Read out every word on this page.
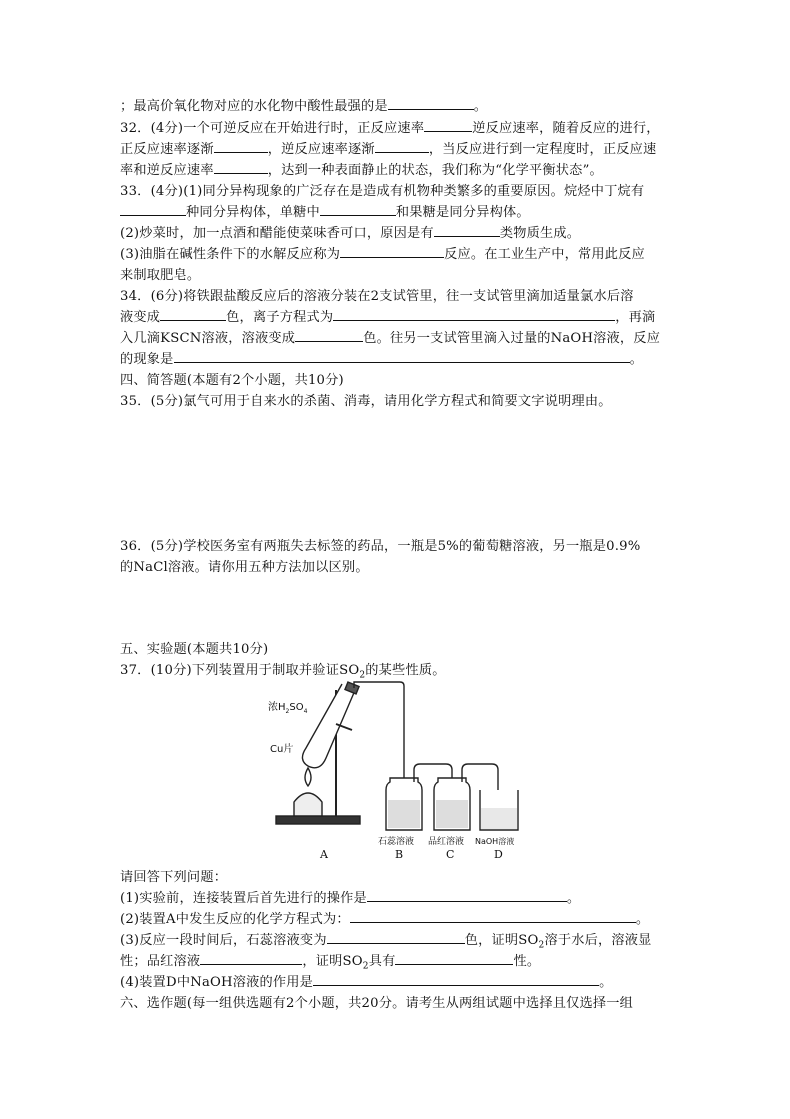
；最高价氧化物对应的水化物中酸性最强的是	。
32．(4分)一个可逆反应在开始进行时，正反应速率	逆反应速率，随着反应的进行，
正反应速率逐渐	，逆反应速率逐渐	，当反应进行到一定程度时，正反应速
率和逆反应速率	，达到一种表面静止的状态，我们称为“化学平衡状态”。
33．(4分)(1)同分异构现象的广泛存在是造成有机物种类繁多的重要原因。烷烃中丁烷有
种同分异构体，单糖中	和果糖是同分异构体。
(2)炒菜时，加一点酒和醋能使菜味香可口，原因是有	类物质生成。
(3)油脂在碱性条件下的水解反应称为	反应。在工业生产中，常用此反应
来制取肥皂。
34．(6分)将铁跟盐酸反应后的溶液分装在2支试管里，往一支试管里滴加适量氯水后溶
液变成	色，离子方程式为	，再滴
入几滴KSCN溶液，溶液变成	色。往另一支试管里滴入过量的NaOH溶液，反应
的现象是	。
四、简答题(本题有2个小题，共10分)
35．(5分)氯气可用于自来水的杀菌、消毒，请用化学方程式和简要文字说明理由。
36．(5分)学校医务室有两瓶失去标签的药品，一瓶是5%的葡萄糖溶液，另一瓶是0.9%
的NaCl溶液。请你用五种方法加以区别。
五、实验题(本题共10分)
37．(10分)下列装置用于制取并验证$SO_2$的某些性质。
浓$H_2SO_4$
Cu片
石蕊溶液 品红溶液 NaOH溶液
A	B	C	D
请回答下列问题：
(1)实验前，连接装置后首先进行的操作是	。
(2)装置A中发生反应的化学方程式为：	。
(3)反应一段时间后，石蕊溶液变为	色，证明$SO_2$溶于水后，溶液显
性；品红溶液	，证明$SO_2$具有	性。
(4)装置D中NaOH溶液的作用是	。
六、选作题(每一组供选题有2个小题，共20分。请考生从两组试题中选择且仅选择一组
